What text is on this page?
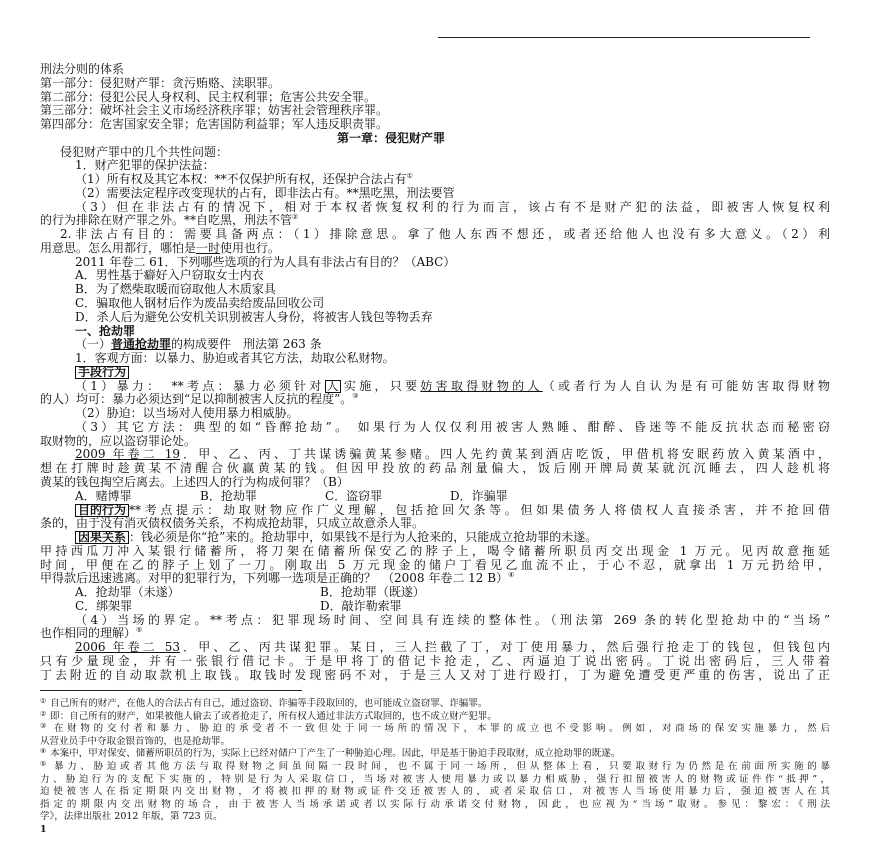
刑法分则的体系
第一部分：侵犯财产罪：贪污贿赂、渎职罪。
第二部分：侵犯公民人身权利、民主权利罪；危害公共安全罪。
第三部分：破坏社会主义市场经济秩序罪；妨害社会管理秩序罪。
第四部分：危害国家安全罪；危害国防利益罪；军人违反职责罪。
第一章：侵犯财产罪
侵犯财产罪中的几个共性问题：
1．财产犯罪的保护法益：
（1）所有权及其它本权：**不仅保护所有权，还保护合法占有①
（2）需要法定程序改变现状的占有，即非法占有。**黑吃黑，刑法要管
（3）但在非法占有的情况下，相对于本权者恢复权利的行为而言，该占有不是财产犯的法益，即被害人恢复权利
的行为排除在财产罪之外。**自吃黑，刑法不管②
2.非法占有目的：需要具备两点：（1）排除意思。拿了他人东西不想还，或者还给他人也没有多大意义。（2）利
用意思。怎么用都行，哪怕是一时使用也行。
2011 年卷二 61．下列哪些选项的行为人具有非法占有目的？（ABC）
A．男性基于癖好入户窃取女士内衣
B．为了燃柴取暖而窃取他人木质家具
C．骗取他人钢材后作为废品卖给废品回收公司
D．杀人后为避免公安机关识别被害人身份，将被害人钱包等物丢弃
一、抢劫罪
（一）普通抢劫罪的构成要件　刑法第 263 条
1．客观方面：以暴力、胁迫或者其它方法，劫取公私财物。
手段行为
（1）暴力：　**考点：暴力必须针对 人 实施，只要妨害取得财物的人（或者行为人自认为是有可能妨害取得财物
的人）均可：暴力必须达到“足以抑制被害人反抗的程度”。③
（2）胁迫：以当场对人使用暴力相威胁。
（3）其它方法：典型的如“昏醉抢劫”。 如果行为人仅仅利用被害人熟睡、酣醉、昏迷等不能反抗状态而秘密窃
取财物的，应以盗窃罪论处。
2009 年卷二 19．甲、乙、丙、丁共谋诱骗黄某参赌。四人先约黄某到酒店吃饭，甲借机将安眠药放入黄某酒中，
想在打牌时趁黄某不清醒合伙赢黄某的钱。但因甲投放的药品剂量偏大，饭后刚开牌局黄某就沉沉睡去，四人趁机将
黄某的钱包掏空后离去。上述四人的行为构成何罪？（B）
A．赌博罪	B．抢劫罪	C．盗窃罪	D．诈骗罪
目的行为 **考点提示：劫取财物应作广义理解，包括抢回欠条等。但如果债务人将债权人直接杀害，并不抢回借
条的，由于没有消灭债权债务关系，不构成抢劫罪，只成立故意杀人罪。
因果关系 ：钱必须是你“抢”来的。抢劫罪中，如果钱不是行为人抢来的，只能成立抢劫罪的未遂。
甲持西瓜刀冲入某银行储蓄所，将刀架在储蓄所保安乙的脖子上，喝令储蓄所职员丙交出现金 1 万元。见丙故意拖延
时间，甲便在乙的脖子上划了一刀。刚取出 5 万元现金的储户丁看见乙血流不止，于心不忍，就拿出 1 万元扔给甲，
甲得款后迅速逃离。对甲的犯罪行为，下列哪一选项是正确的？　（2008 年卷二 12 B）④
A．抢劫罪（未遂）	B．抢劫罪（既遂）
C．绑架罪	D．敲诈勒索罪
（4）当场的界定。**考点：犯罪现场时间、空间具有连续的整体性。（刑法第 269 条的转化型抢劫中的“当场”
也作相同的理解）⑤
2006 年卷二 53．甲、乙、丙共谋犯罪。某日，三人拦截了丁，对丁使用暴力，然后强行抢走丁的钱包，但钱包内
只有少量现金，并有一张银行借记卡。于是甲将丁的借记卡抢走，乙、丙逼迫丁说出密码。丁说出密码后，三人带着
丁去附近的自动取款机上取钱。取钱时发现密码不对，于是三人又对丁进行殴打，丁为避免遭受更严重的伤害，说出了正
① 自己所有的财产，在他人的合法占有自己，通过盗窃、诈骗等手段取回的，也可能成立盗窃罪、诈骗罪。
② 即：自己所有的财产，如果被他人偷去了或者抢走了，所有权人通过非法方式取回的，也不成立财产犯罪。
③ 在财物的交付者和暴力、胁迫的承受者不一致但处于同一场所的情况下，本罪的成立也不受影响。例如，对商场的保安实施暴力，然后
从营业员手中夺取金银首饰的，也是抢劫罪。
④ 本案中，甲对保安、储蓄所职员的行为，实际上已经对储户丁产生了一种胁迫心理。因此，甲是基于胁迫手段取财，成立抢劫罪的既遂。
⑤ 暴力、胁迫或者其他方法与取得财物之间虽间隔一段时间，也不属于同一场所，但从整体上看，只要取财行为仍然是在前面所实施的暴
力、胁迫行为的支配下实施的，特别是行为人采取信口，当场对被害人使用暴力或以暴力相威胁，强行扣留被害人的财物或证件作“抵押”，
迫使被害人在指定期限内交出财物，才将被扣押的财物或证件交还被害人的，或者采取信口，对被害人当场使用暴力后，强迫被害人在其
指定的期限内交出财物的场合，由于被害人当场承诺或者以实际行动承诺交付财物，因此，也应视为“当场”取财。参见：黎宏：《刑法
学》，法律出版社 2012 年版，第 723 页。
1
